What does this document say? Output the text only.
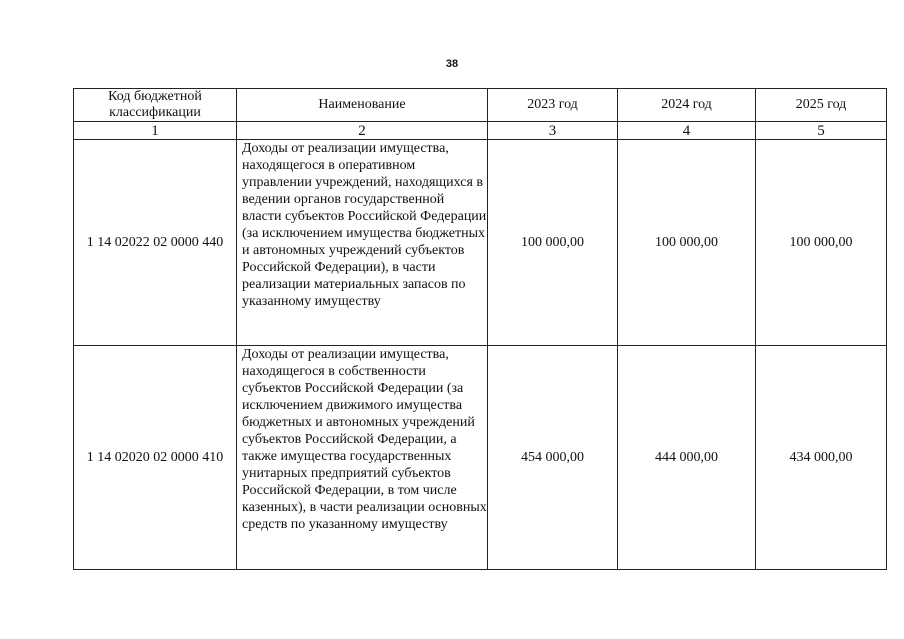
38
Код бюджетной классификации	Наименование	2023 год	2024 год	2025 год
1	2	3	4	5
1 14 02022 02 0000 440	Доходы от реализации имущества, находящегося в оперативном управлении учреждений, находящихся в ведении органов государственной власти субъектов Российской Федерации (за исключением имущества бюджетных и автономных учреждений субъектов Российской Федерации), в части реализации материальных запасов по указанному имуществу	100 000,00	100 000,00	100 000,00
1 14 02020 02 0000 410	Доходы от реализации имущества, находящегося в собственности субъектов Российской Федерации (за исключением движимого имущества бюджетных и автономных учреждений субъектов Российской Федерации, а также имущества государственных унитарных предприятий субъектов Российской Федерации, в том числе казенных), в части реализации основных средств по указанному имуществу	454 000,00	444 000,00	434 000,00
